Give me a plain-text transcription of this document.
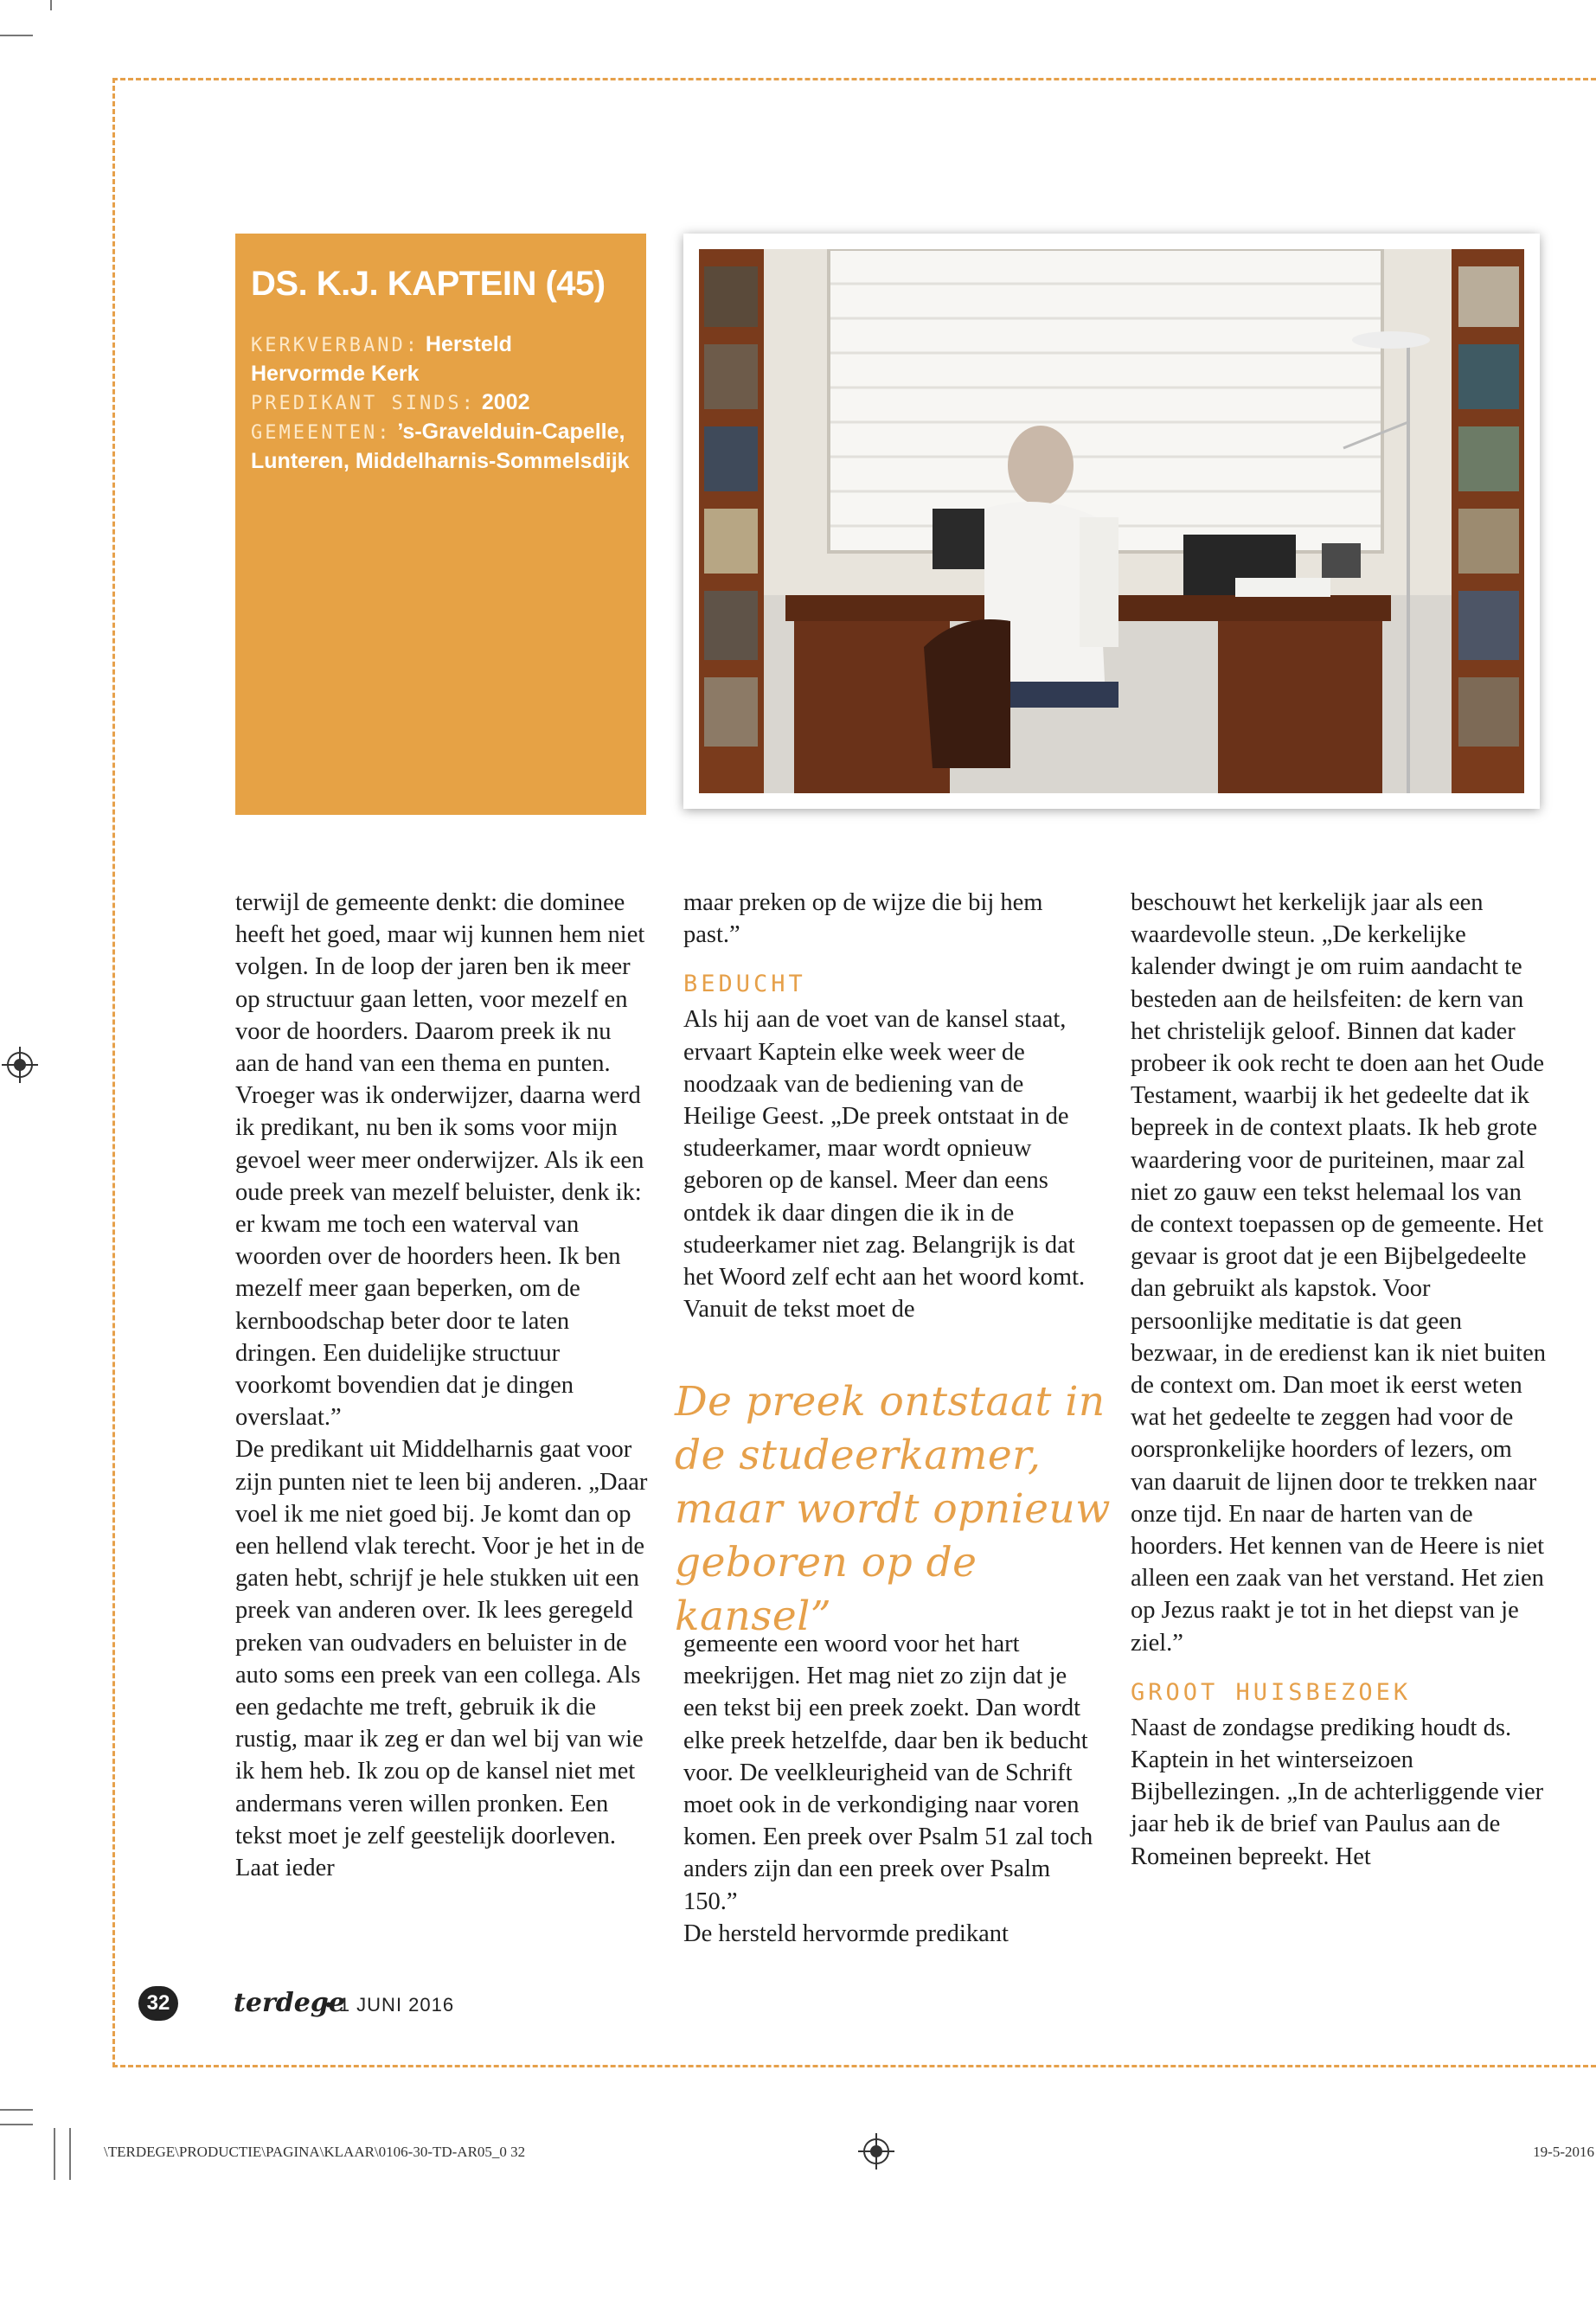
DS. K.J. KAPTEIN (45)

KERKVERBAND: Hersteld Hervormde Kerk

PREDIKANT SINDS: 2002

GEMEENTEN: ’s-Gravelduin-Capelle, Lunteren, Middelharnis-Sommelsdijk

terwijl de gemeente denkt: die dominee heeft het goed, maar wij kunnen hem niet volgen. In de loop der jaren ben ik meer op structuur gaan letten, voor mezelf en voor de hoorders. Daarom preek ik nu aan de hand van een thema en punten. Vroeger was ik onderwijzer, daarna werd ik predikant, nu ben ik soms voor mijn gevoel weer meer onderwijzer. Als ik een oude preek van mezelf beluister, denk ik: er kwam me toch een waterval van woorden over de hoorders heen. Ik ben mezelf meer gaan beperken, om de kernboodschap beter door te laten dringen. Een duidelijke structuur voorkomt bovendien dat je dingen overslaat.”

De predikant uit Middelharnis gaat voor zijn punten niet te leen bij anderen. „Daar voel ik me niet goed bij. Je komt dan op een hellend vlak terecht. Voor je het in de gaten hebt, schrijf je hele stukken uit een preek van anderen over. Ik lees geregeld preken van oudvaders en beluister in de auto soms een preek van een collega. Als een gedachte me treft, gebruik ik die rustig, maar ik zeg er dan wel bij van wie ik hem heb. Ik zou op de kansel niet met andermans veren willen pronken. Een tekst moet je zelf geestelijk doorleven. Laat ieder

maar preken op de wijze die bij hem past.”

BEDUCHT

Als hij aan de voet van de kansel staat, ervaart Kaptein elke week weer de noodzaak van de bediening van de Heilige Geest. „De preek ontstaat in de studeerkamer, maar wordt opnieuw geboren op de kansel. Meer dan eens ontdek ik daar dingen die ik in de studeerkamer niet zag. Belangrijk is dat het Woord zelf echt aan het woord komt. Vanuit de tekst moet de

De preek ontstaat in de studeerkamer, maar wordt opnieuw geboren op de kansel”

gemeente een woord voor het hart meekrijgen. Het mag niet zo zijn dat je een tekst bij een preek zoekt. Dan wordt elke preek hetzelfde, daar ben ik beducht voor. De veelkleurigheid van de Schrift moet ook in de verkondiging naar voren komen. Een preek over Psalm 51 zal toch anders zijn dan een preek over Psalm 150.”

De hersteld hervormde predikant

beschouwt het kerkelijk jaar als een waardevolle steun. „De kerkelijke kalender dwingt je om ruim aandacht te besteden aan de heilsfeiten: de kern van het christelijk geloof. Binnen dat kader probeer ik ook recht te doen aan het Oude Testament, waarbij ik het gedeelte dat ik bepreek in de context plaats. Ik heb grote waardering voor de puriteinen, maar zal niet zo gauw een tekst helemaal los van de context toepassen op de gemeente. Het gevaar is groot dat je een Bijbelgedeelte dan gebruikt als kapstok. Voor persoonlijke meditatie is dat geen bezwaar, in de eredienst kan ik niet buiten de context om. Dan moet ik eerst weten wat het gedeelte te zeggen had voor de oorspronkelijke hoorders of lezers, om van daaruit de lijnen door te trekken naar onze tijd. En naar de harten van de hoorders. Het kennen van de Heere is niet alleen een zaak van het verstand. Het zien op Jezus raakt je tot in het diepst van je ziel.”

GROOT HUISBEZOEK

Naast de zondagse prediking houdt ds. Kaptein in het winterseizoen Bijbellezingen. „In de achterliggende vier jaar heb ik de brief van Paulus aan de Romeinen bepreekt. Het

32	terdege
• 1 JUNI 2016
\TERDEGE\PRODUCTIE\PAGINA\KLAAR\0106-30-TD-AR05_0 32	19-5-2016
